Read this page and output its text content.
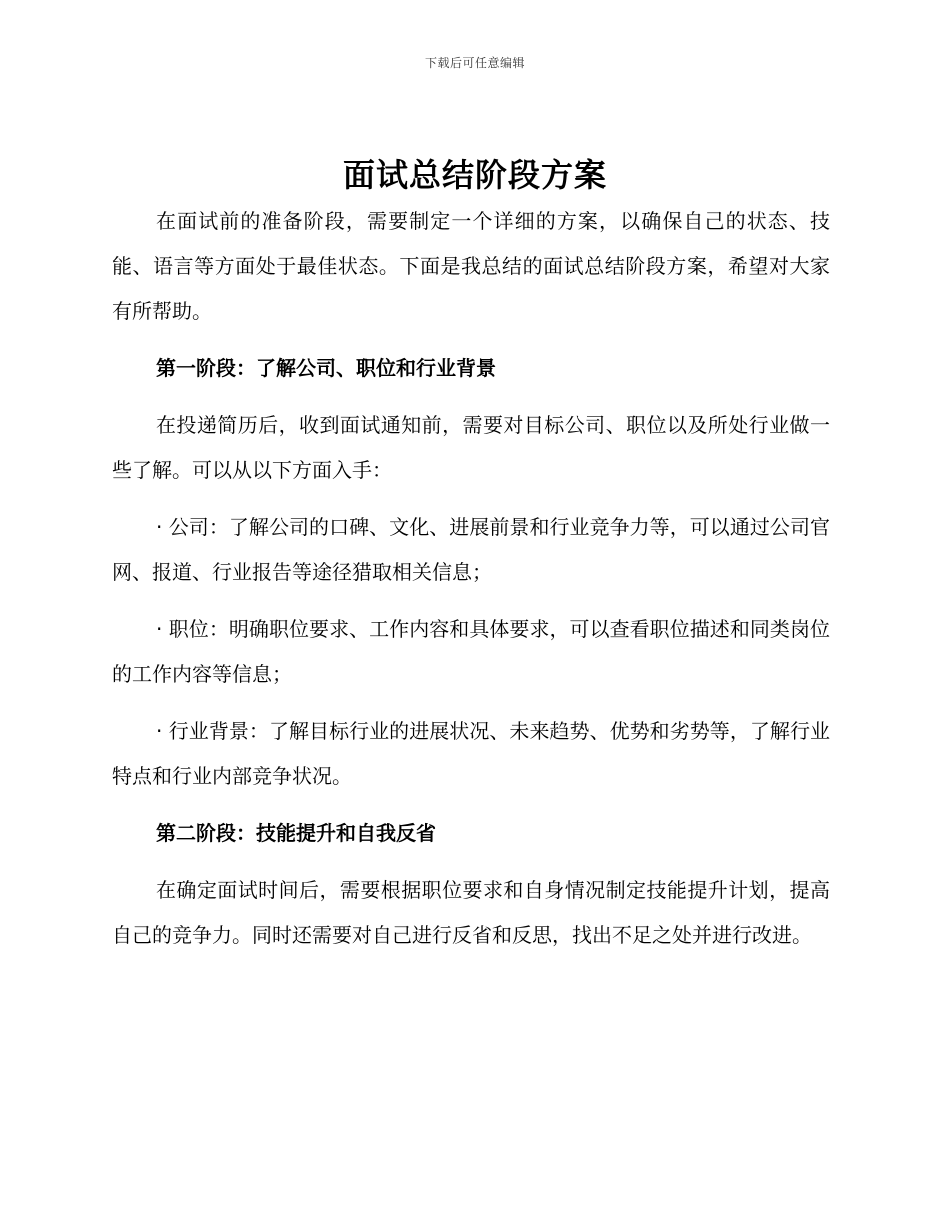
下载后可任意编辑
面试总结阶段方案

在面试前的准备阶段，需要制定一个详细的方案，以确保自己的状态、技能、语言等方面处于最佳状态。下面是我总结的面试总结阶段方案，希望对大家有所帮助。

第一阶段：了解公司、职位和行业背景

在投递简历后，收到面试通知前，需要对目标公司、职位以及所处行业做一些了解。可以从以下方面入手：

· 公司：了解公司的口碑、文化、进展前景和行业竞争力等，可以通过公司官网、报道、行业报告等途径猎取相关信息；

· 职位：明确职位要求、工作内容和具体要求，可以查看职位描述和同类岗位的工作内容等信息；

· 行业背景：了解目标行业的进展状况、未来趋势、优势和劣势等，了解行业特点和行业内部竞争状况。

第二阶段：技能提升和自我反省

在确定面试时间后，需要根据职位要求和自身情况制定技能提升计划，提高自己的竞争力。同时还需要对自己进行反省和反思，找出不足之处并进行改进。
